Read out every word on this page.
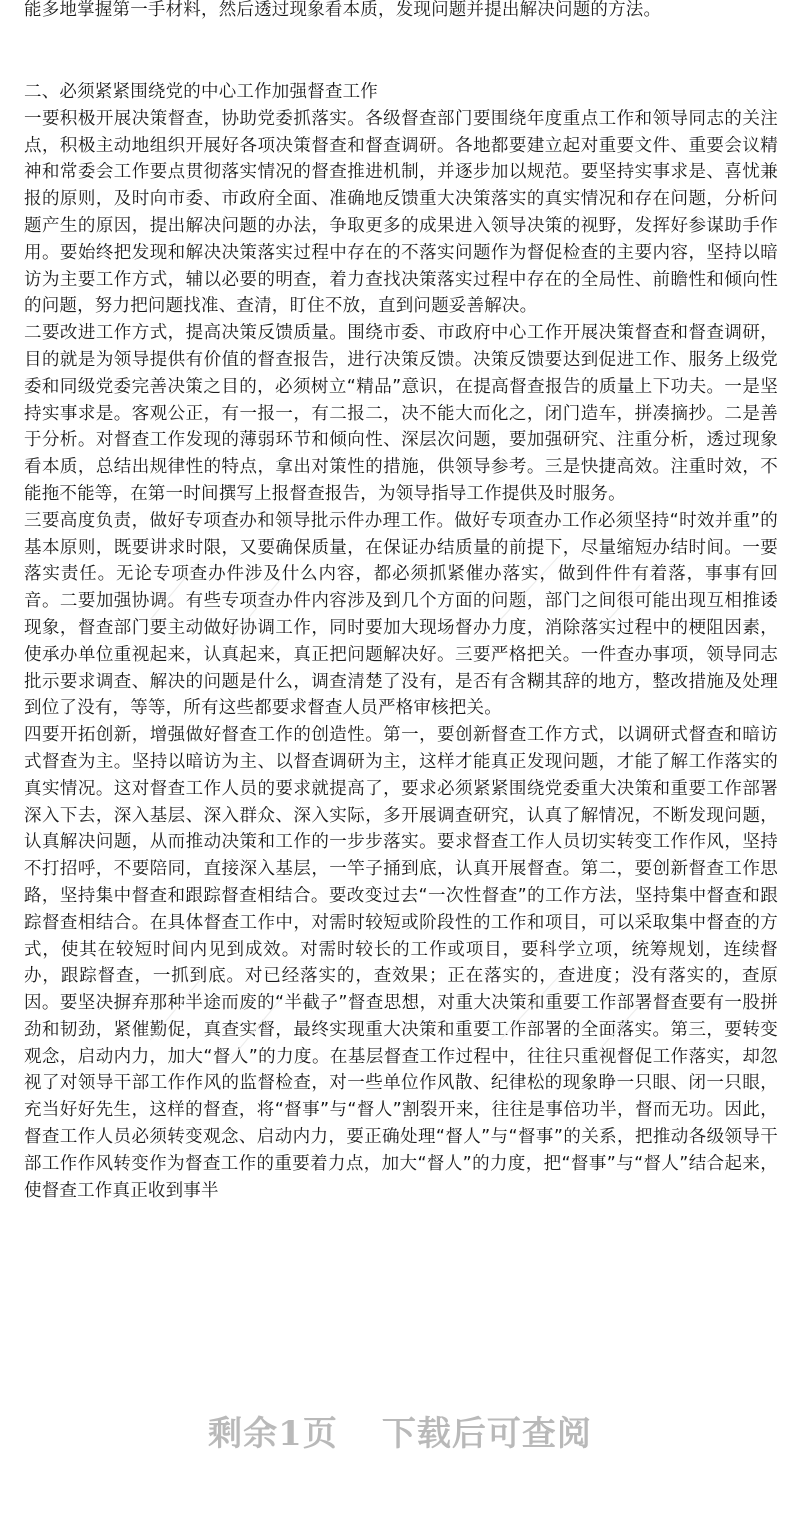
能多地掌握第一手材料，然后透过现象看本质，发现问题并提出解决问题的方法。

二、必须紧紧围绕党的中心工作加强督查工作

一要积极开展决策督查，协助党委抓落实。各级督查部门要围绕年度重点工作和领导同志的关注点，积极主动地组织开展好各项决策督查和督查调研。各地都要建立起对重要文件、重要会议精神和常委会工作要点贯彻落实情况的督查推进机制，并逐步加以规范。要坚持实事求是、喜忧兼报的原则，及时向市委、市政府全面、准确地反馈重大决策落实的真实情况和存在问题，分析问题产生的原因，提出解决问题的办法，争取更多的成果进入领导决策的视野，发挥好参谋助手作用。要始终把发现和解决决策落实过程中存在的不落实问题作为督促检查的主要内容，坚持以暗访为主要工作方式，辅以必要的明查，着力查找决策落实过程中存在的全局性、前瞻性和倾向性的问题，努力把问题找准、查清，盯住不放，直到问题妥善解决。

二要改进工作方式，提高决策反馈质量。围绕市委、市政府中心工作开展决策督查和督查调研，目的就是为领导提供有价值的督查报告，进行决策反馈。决策反馈要达到促进工作、服务上级党委和同级党委完善决策之目的，必须树立“精品”意识，在提高督查报告的质量上下功夫。一是坚持实事求是。客观公正，有一报一，有二报二，决不能大而化之，闭门造车，拼凑摘抄。二是善于分析。对督查工作发现的薄弱环节和倾向性、深层次问题，要加强研究、注重分析，透过现象看本质，总结出规律性的特点，拿出对策性的措施，供领导参考。三是快捷高效。注重时效，不能拖不能等，在第一时间撰写上报督查报告，为领导指导工作提供及时服务。

三要高度负责，做好专项查办和领导批示件办理工作。做好专项查办工作必须坚持“时效并重”的基本原则，既要讲求时限，又要确保质量，在保证办结质量的前提下，尽量缩短办结时间。一要落实责任。无论专项查办件涉及什么内容，都必须抓紧催办落实，做到件件有着落，事事有回音。二要加强协调。有些专项查办件内容涉及到几个方面的问题，部门之间很可能出现互相推诿现象，督查部门要主动做好协调工作，同时要加大现场督办力度，消除落实过程中的梗阻因素，使承办单位重视起来，认真起来，真正把问题解决好。三要严格把关。一件查办事项，领导同志批示要求调查、解决的问题是什么，调查清楚了没有，是否有含糊其辞的地方，整改措施及处理到位了没有，等等，所有这些都要求督查人员严格审核把关。

四要开拓创新，增强做好督查工作的创造性。第一，要创新督查工作方式，以调研式督查和暗访式督查为主。坚持以暗访为主、以督查调研为主，这样才能真正发现问题，才能了解工作落实的真实情况。这对督查工作人员的要求就提高了，要求必须紧紧围绕党委重大决策和重要工作部署深入下去，深入基层、深入群众、深入实际，多开展调查研究，认真了解情况，不断发现问题，认真解决问题，从而推动决策和工作的一步步落实。要求督查工作人员切实转变工作作风，坚持不打招呼，不要陪同，直接深入基层，一竿子捅到底，认真开展督查。第二，要创新督查工作思路，坚持集中督查和跟踪督查相结合。要改变过去“一次性督查”的工作方法，坚持集中督查和跟踪督查相结合。在具体督查工作中，对需时较短或阶段性的工作和项目，可以采取集中督查的方式，使其在较短时间内见到成效。对需时较长的工作或项目，要科学立项，统筹规划，连续督办，跟踪督查，一抓到底。对已经落实的，查效果；正在落实的，查进度；没有落实的，查原因。要坚决摒弃那种半途而废的“半截子”督查思想，对重大决策和重要工作部署督查要有一股拼劲和韧劲，紧催勤促，真查实督，最终实现重大决策和重要工作部署的全面落实。第三，要转变观念，启动内力，加大“督人”的力度。在基层督查工作过程中，往往只重视督促工作落实，却忽视了对领导干部工作作风的监督检查，对一些单位作风散、纪律松的现象睁一只眼、闭一只眼，充当好好先生，这样的督查，将“督事”与“督人”割裂开来，往往是事倍功半，督而无功。因此，督查工作人员必须转变观念、启动内力，要正确处理“督人”与“督事”的关系，把推动各级领导干部工作作风转变作为督查工作的重要着力点，加大“督人”的力度，把“督事”与“督人”结合起来，使督查工作真正收到事半

剩余1页 下载后可查阅
